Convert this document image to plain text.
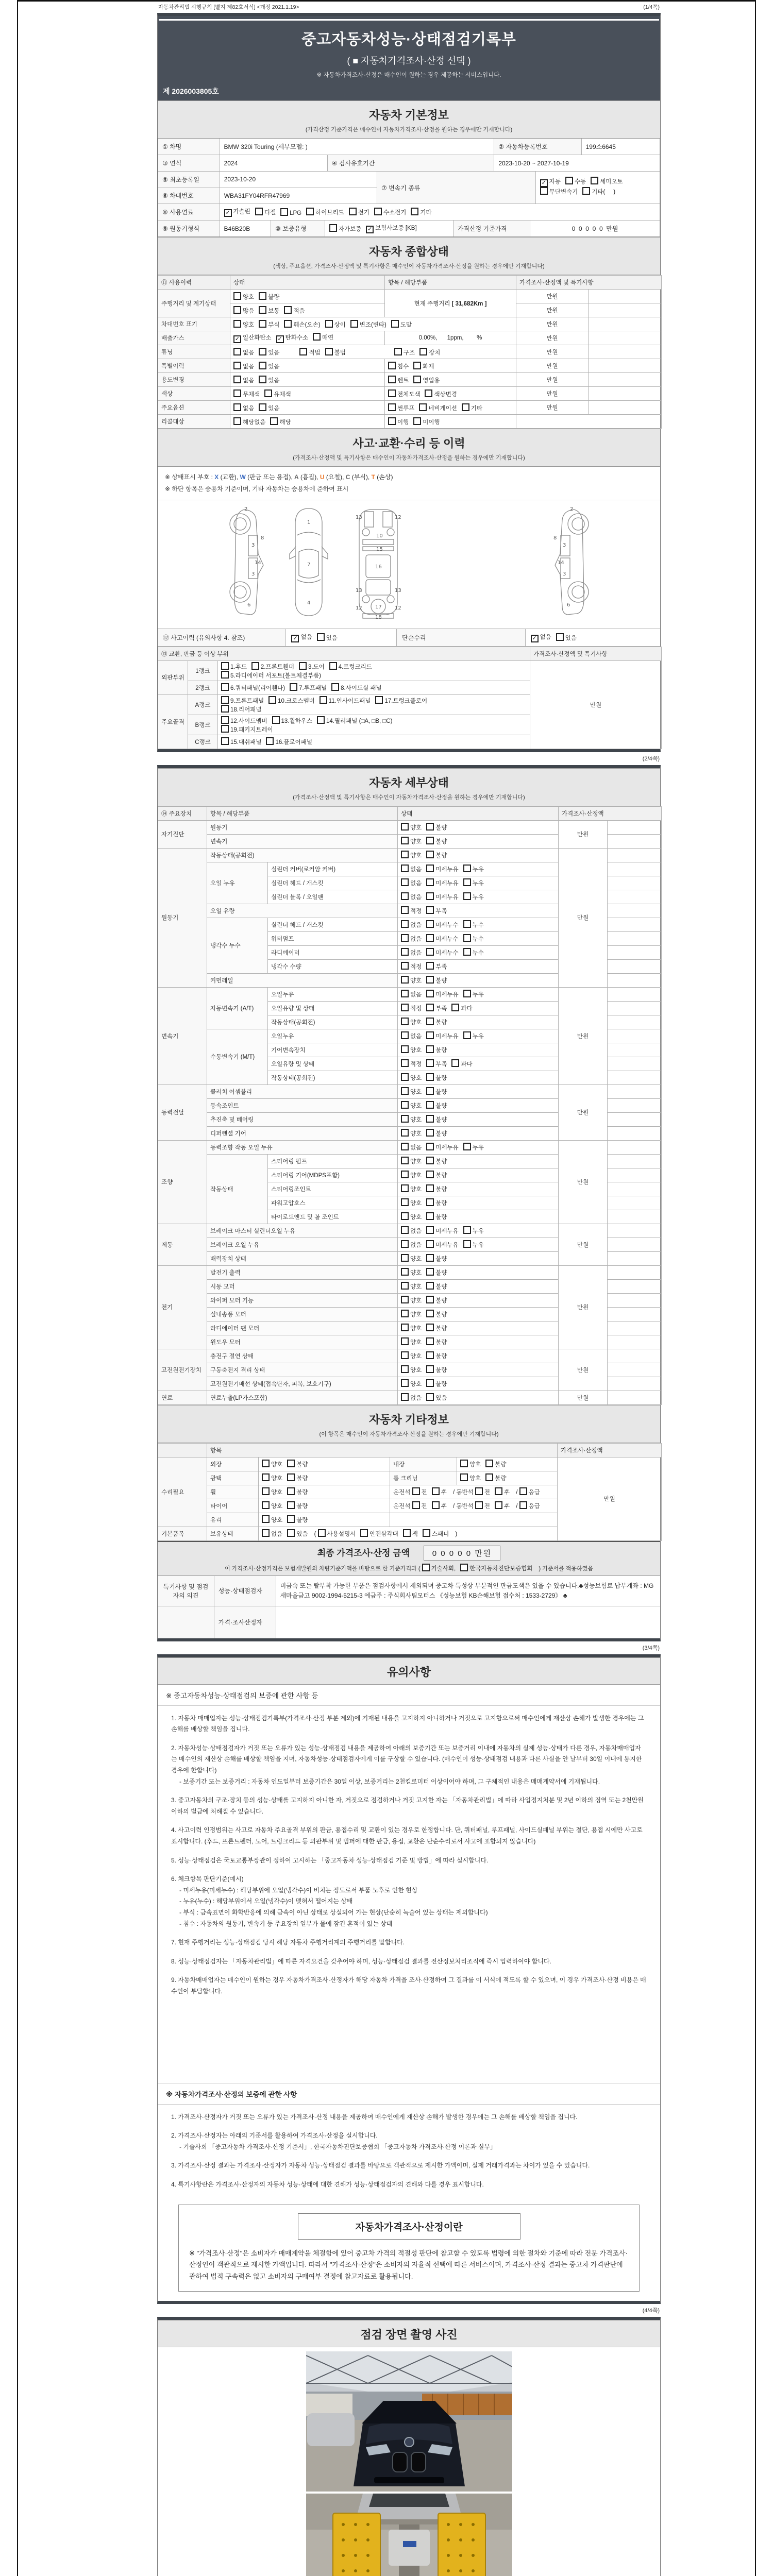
자동차관리법 시행규칙 [별지 제82호서식] <개정 2021.1.19>	(1/4쪽)
중고자동차성능·상태점검기록부
( ■ 자동차가격조사·산정 선택 )
※ 자동차가격조사·산정은 매수인이 원하는 경우 제공하는 서비스입니다.
제 2026003805호
자동차 기본정보
(가격산정 기준가격은 매수인이 자동차가격조사·산정을 원하는 경우에만 기재합니다)
① 차명	BMW 320i Touring (세부모델: )	② 자동차등록번호	199소6645
③ 연식	2024	④ 검사유효기간	2023-10-20 ~ 2027-10-19
⑤ 최초등록일	2023-10-20
⑥ 차대번호	WBA31FY04RFR47969
⑦ 변속기 종류
✓ 자동 수동 세미오토
무단변속기 기타(     )
⑧ 사용연료	✓ 가솔린	디젤	LPG	하이브리드	전기	수소전기	기타
⑨ 원동기형식	B46B20B	⑩ 보증유형	자가보증 ✓ 보험사보증 [KB]	가격산정 기준가격	0  0  0  0  0  만원
자동차 종합상태
(색상, 주요옵션, 가격조사·산정액 및 특기사항은 매수인이 자동차가격조사·산정을 원하는 경우에만 기재합니다)
⑪ 사용이력	상태	항목 / 해당부품	가격조사·산정액 및 특기사항	
주행거리 및 계기상태	양호 불량	현재 주행거리 [ 31,682Km ]	만원	
	많음 보통 적음		만원	
차대번호 표기	양호 부식 훼손(오손) 상이 변조(변타) 도말		만원	
배출가스	✓ 일산화탄소 ✓ 탄화수소 매연	0.00%,      1ppm,        %	만원	
튜닝	없음 있음 적법 불법 구조 장치		만원	
특별이력	없음 있음	침수 화재	만원	
용도변경	없음 있음	렌트 영업용	만원	
색상	무채색 유채색	전체도색 색상변경	만원	
주요옵션	없음 있음	썬루프 네비게이션 기타	만원	
리콜대상	해당없음 해당	이행 미이행		
사고·교환·수리 등 이력
(가격조사·산정액 및 특기사항은 매수인이 자동차가격조사·산정을 원하는 경우에만 기재합니다)
※ 상태표시 부호 : X (교환), W (판금 또는 용접), A (흠집), U (요철), C (부식), T (손상)
※ 하단 항목은 승용차 기준이며, 기타 자동차는 승용차에 준하여 표시
8
3
14
3
6
2
1
7
4
13	12
10
15
16
13	13
17
12	12
18
8
3
14
3
6
2
⑫ 사고이력 (유의사항 4. 참조)	✓ 없음	있음	단순수리	✓ 없음	있음
⑬ 교환, 판금 등 이상 부위			가격조사·산정액 및 특기사항
외판부위	1랭크	1.후드 2.프론트휀더 3.도어 4.트렁크리드
5.라디에이터 서포트(볼트체결부품)	만원
	2랭크	6.쿼터패널(리어휀다) 7.루프패널 8.사이드실 패널	
주요골격	A랭크	9.프론트패널 10.크로스멤버 11.인사이드패널 17.트렁크플로어
18.리어패널	
	B랭크	12.사이드멤버 13.휠하우스 14.필러패널 (□A, □B, □C)
19.패키지트레이	
	C랭크	15.대쉬패널 16.플로어패널	
(2/4쪽)
자동차 세부상태
(가격조사·산정액 및 특기사항은 매수인이 자동차가격조사·산정을 원하는 경우에만 기재합니다)
⑭ 주요장치	항목 / 해당부품		상태	가격조사·산정액	
자기진단	원동기		양호 불량	만원	
	변속기		양호 불량		
원동기	작동상태(공회전)		양호 불량	만원	
	오일 누유	실린더 커버(로커암 커버)	없음 미세누유 누유		
		실린더 헤드 / 개스킷	없음 미세누유 누유		
		실린더 블록 / 오일팬	없음 미세누유 누유		
	오일 유량		적정 부족		
	냉각수 누수	실린더 헤드 / 개스킷	없음 미세누수 누수		
		워터펌프	없음 미세누수 누수		
		라디에이터	없음 미세누수 누수		
		냉각수 수량	적정 부족		
	커먼레일		양호 불량		
변속기	자동변속기 (A/T)	오일누유	없음 미세누유 누유	만원	
		오일유량 및 상태	적정 부족 과다		
		작동상태(공회전)	양호 불량		
	수동변속기 (M/T)	오일누유	없음 미세누유 누유		
		기어변속장치	양호 불량		
		오일유량 및 상태	적정 부족 과다		
		작동상태(공회전)	양호 불량		
동력전달	클러치 어셈블리		양호 불량	만원	
	등속조인트		양호 불량		
	추진축 및 베어링		양호 불량		
	디퍼렌셜 기어		양호 불량		
조향	동력조향 작동 오일 누유		없음 미세누유 누유	만원	
	작동상태	스티어링 펌프	양호 불량		
		스티어링 기어(MDPS포함)	양호 불량		
		스티어링조인트	양호 불량		
		파워고압호스	양호 불량		
		타이로드엔드 및 볼 조인트	양호 불량		
제동	브레이크 마스터 실린더오일 누유		없음 미세누유 누유	만원	
	브레이크 오일 누유		없음 미세누유 누유		
	배력장치 상태		양호 불량		
전기	발전기 출력		양호 불량	만원	
	시동 모터		양호 불량		
	와이퍼 모터 기능		양호 불량		
	실내송풍 모터		양호 불량		
	라디에이터 팬 모터		양호 불량		
	윈도우 모터		양호 불량		
고전원전기장치	충전구 절연 상태		양호 불량	만원	
	구동축전지 격리 상태		양호 불량		
	고전원전기배선 상태(접속단자, 피복, 보호기구)		양호 불량		
연료	연료누출(LP가스포함)		없음 있음	만원	
자동차 기타정보
(이 항목은 매수인이 자동차가격조사·산정을 원하는 경우에만 기재합니다)
	항목				가격조사·산정액
수리필요	외장	양호 불량	내장	양호 불량	만원
	광택	양호 불량	룸 크리닝	양호 불량	
	휠	양호 불량	운전석 전 후 / 동반석 전 후 / 응급		
	타이어	양호 불량	운전석 전 후 / 동반석 전 후 / 응급		
	유리	양호 불량			
기본품목	보유상태	없음 있음 ( 사용설명서 안전삼각대 잭 스패너 )			
최종 가격조사·산정 금액	0 0 0 0 0 만원
이 가격조사·산정가격은 보험개발원의 차량기준가액을 바탕으로 한 기준가격과 ( 기술사회, 한국자동차진단보증협회 ) 기준서를 적용하였음
특기사항 및 점검자의 의견
성능·상태점검자
비금속 또는 탈부착 가능한 부품은 점검사항에서 제외되며 중고차 특성상 부분적인 판금도색은 있을 수 있습니다.♣성능보험료 납부계좌 : MG새마을금고 9002-1994-5215-3 예금주 : 주식회사팀모터스 《성능보험 KB손해보험 접수처 : 1533-2729》 ♣
가격·조사산정자
(3/4쪽)
유의사항
※ 중고자동차성능·상태점검의 보증에 관한 사항 등
1. 자동차 매매업자는 성능·상태점검기록부(가격조사·산정 부분 제외)에 기재된 내용을 고지하지 아니하거나 거짓으로 고지함으로써 매수인에게 재산상 손해가 발생한 경우에는 그 손해를 배상할 책임을 집니다.
2. 자동차성능·상태점검자가 거짓 또는 오류가 있는 성능·상태점검 내용을 제공하여 아래의 보증기간 또는 보증거리 이내에 자동차의 실제 성능·상태가 다른 경우, 자동차매매업자는 매수인의 재산상 손해를 배상할 책임을 지며, 자동차성능·상태점검자에게 이를 구상할 수 있습니다. (매수인이 성능·상태점검 내용과 다른 사실을 안 날부터 30일 이내에 통지한 경우에 한합니다)
- 보증기간 또는 보증거리 : 자동차 인도일부터 보증기간은 30일 이상, 보증거리는 2천킬로미터 이상이어야 하며, 그 구체적인 내용은 매매계약서에 기재됩니다.
3. 중고자동차의 구조·장치 등의 성능·상태를 고지하지 아니한 자, 거짓으로 점검하거나 거짓 고지한 자는 「자동차관리법」에 따라 사업정지처분 및 2년 이하의 징역 또는 2천만원 이하의 벌금에 처해질 수 있습니다.
4. 사고이력 인정범위는 사고로 자동차 주요골격 부위의 판금, 용접수리 및 교환이 있는 경우로 한정합니다. 단, 쿼터패널, 루프패널, 사이드실패널 부위는 절단, 용접 시에만 사고로 표시합니다. (후드, 프론트펜더, 도어, 트렁크리드 등 외판부위 및 범퍼에 대한 판금, 용접, 교환은 단순수리로서 사고에 포함되지 않습니다)
5. 성능·상태점검은 국토교통부장관이 정하여 고시하는 「중고자동차 성능·상태점검 기준 및 방법」에 따라 실시합니다.
6. 체크항목 판단기준(예시)
- 미세누유(미세누수) : 해당부위에 오일(냉각수)이 비치는 정도로서 부품 노후로 인한 현상
- 누유(누수) : 해당부위에서 오일(냉각수)이 맺혀서 떨어지는 상태
- 부식 : 금속표면이 화학반응에 의해 금속이 아닌 상태로 상실되어 가는 현상(단순히 녹슬어 있는 상태는 제외합니다)
- 침수 : 자동차의 원동기, 변속기 등 주요장치 일부가 물에 잠긴 흔적이 있는 상태
7. 현재 주행거리는 성능·상태점검 당시 해당 자동차 주행거리계의 주행거리를 말합니다.
8. 성능·상태점검자는 「자동차관리법」에 따른 자격요건을 갖추어야 하며, 성능·상태점검 결과를 전산정보처리조직에 즉시 입력하여야 합니다.
9. 자동차매매업자는 매수인이 원하는 경우 자동차가격조사·산정자가 해당 자동차 가격을 조사·산정하여 그 결과를 이 서식에 적도록 할 수 있으며, 이 경우 가격조사·산정 비용은 매수인이 부담합니다.
※ 자동차가격조사·산정의 보증에 관한 사항
1. 가격조사·산정자가 거짓 또는 오류가 있는 가격조사·산정 내용을 제공하여 매수인에게 재산상 손해가 발생한 경우에는 그 손해를 배상할 책임을 집니다.
2. 가격조사·산정자는 아래의 기준서를 활용하여 가격조사·산정을 실시합니다.
- 기술사회 「중고자동차 가격조사·산정 기준서」, 한국자동차진단보증협회 「중고자동차 가격조사·산정 이론과 실무」
3. 가격조사·산정 결과는 가격조사·산정자가 자동차 성능·상태점검 결과를 바탕으로 객관적으로 제시한 가액이며, 실제 거래가격과는 차이가 있을 수 있습니다.
4. 특기사항란은 가격조사·산정자의 자동차 성능·상태에 대한 견해가 성능·상태점검자의 견해와 다를 경우 표시합니다.
자동차가격조사·산정이란
※ "가격조사·산정"은 소비자가 매매계약을 체결함에 있어 중고차 가격의 적절성 판단에 참고할 수 있도록 법령에 의한 절차와 기준에 따라 전문 가격조사·산정인이 객관적으로 제시한 가액입니다. 따라서 "가격조사·산정"은 소비자의 자율적 선택에 따른 서비스이며, 가격조사·산정 결과는 중고차 가격판단에 관하여 법적 구속력은 없고 소비자의 구매여부 결정에 참고자료로 활용됩니다.
(4/4쪽)
점검 장면 촬영 사진
